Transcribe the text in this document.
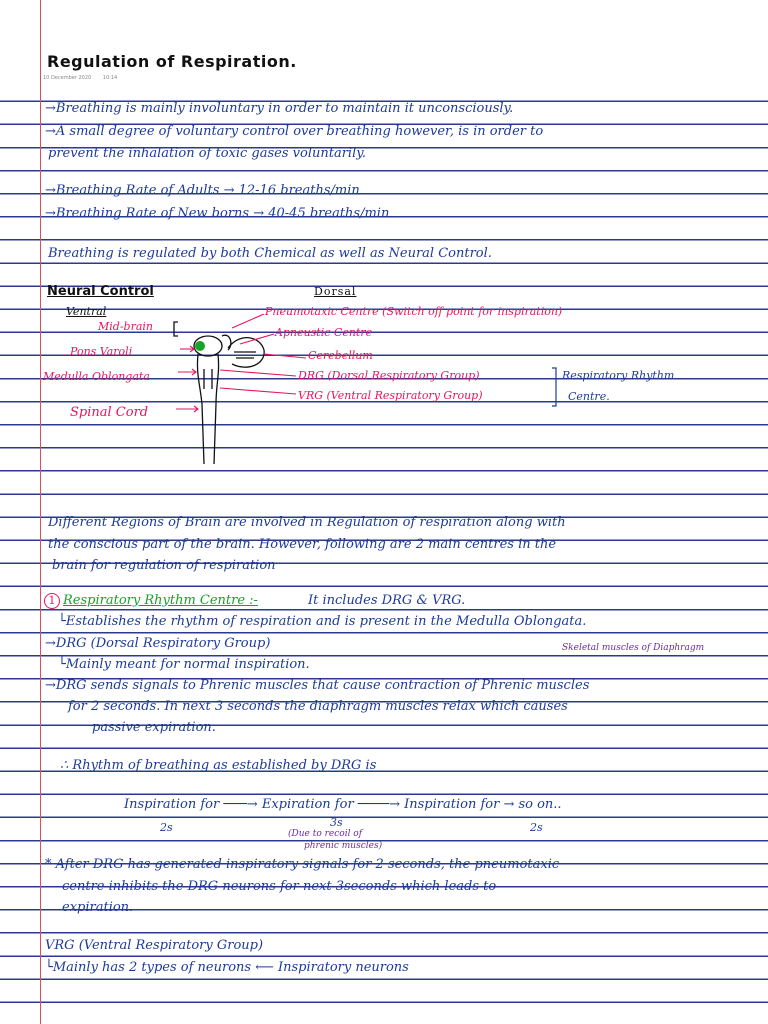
Regulation of Respiration.
10 December 2020 10:14
→Breathing is mainly involuntary in order to maintain it unconsciously.
→A small degree of voluntary control over breathing however, is in order to
prevent the inhalation of toxic gases voluntarily.
→Breathing Rate of Adults → 12-16 breaths/min
→Breathing Rate of New borns → 40-45 breaths/min
Breathing is regulated by both Chemical as well as Neural Control.
Neural Control	Dorsal
Ventral
Mid-brain
Pons Varoli
Medulla Oblongata
Spinal Cord
Pneumotaxic Centre (Switch off point for inspiration)
Apneustic Centre
Cerebellum
DRG (Dorsal Respiratory Group)
VRG (Ventral Respiratory Group)
Respiratory Rhythm
Centre.
Different Regions of Brain are involved in Regulation of respiration along with
the conscious part of the brain. However, following are 2 main centres in the
brain for regulation of respiration
1 Respiratory Rhythm Centre :-	It includes DRG & VRG.
└Establishes the rhythm of respiration and is present in the Medulla Oblongata.
→DRG (Dorsal Respiratory Group)	Skeletal muscles of Diaphragm
└Mainly meant for normal inspiration.
→DRG sends signals to Phrenic muscles that cause contraction of Phrenic muscles
for 2 seconds. In next 3 seconds the diaphragm muscles relax which causes
passive expiration.
∴ Rhythm of breathing as established by DRG is
Inspiration for ───→ Expiration for ────→ Inspiration for → so on..
2s	3s	2s
(Due to recoil of
phrenic muscles)
* After DRG has generated inspiratory signals for 2 seconds, the pneumotaxic
centre inhibits the DRG neurons for next 3seconds which leads to
expiration.
VRG (Ventral Respiratory Group)
└Mainly has 2 types of neurons ⟵ Inspiratory neurons
